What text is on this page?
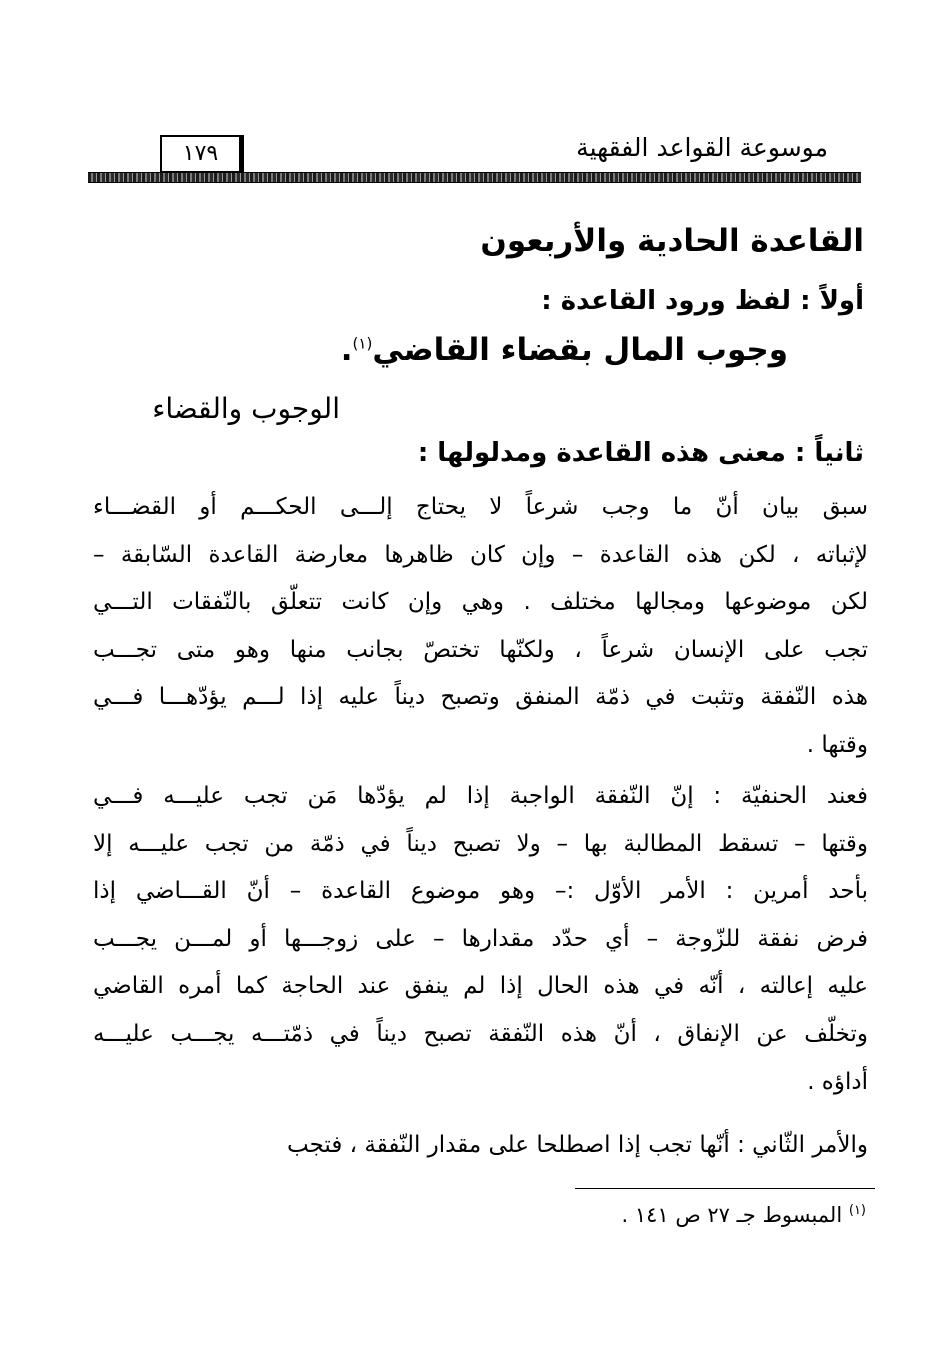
موسوعة القواعد الفقهية
١٧٩
القاعدة الحادية والأربعون
أولاً : لفظ ورود القاعدة :
وجوب المال بقضاء القاضي$^{(١)}$.
الوجوب والقضاء
ثانياً : معنى هذه القاعدة ومدلولها :
سبق بيان أنّ ما وجب شرعاً لا يحتاج إلـــى الحكـــم أو القضـــاء
لإثباته ، لكن هذه القاعدة – وإن كان ظاهرها معارضة القاعدة السّابقة –
لكن موضوعها ومجالها مختلف . وهي وإن كانت تتعلّق بالنّفقات التـــي
تجب على الإنسان شرعاً ، ولكنّها تختصّ بجانب منها وهو متى تجـــب
هذه النّفقة وتثبت في ذمّة المنفق وتصبح ديناً عليه إذا لـــم يؤدّهـــا فـــي
وقتها .
فعند الحنفيّة : إنّ النّفقة الواجبة إذا لم يؤدّها مَن تجب عليـــه فـــي
وقتها – تسقط المطالبة بها – ولا تصبح ديناً في ذمّة من تجب عليـــه إلا
بأحد أمرين : الأمر الأوّل :– وهو موضوع القاعدة – أنّ القـــاضي إذا
فرض نفقة للزّوجة – أي حدّد مقدارها – على زوجـــها أو لمـــن يجـــب
عليه إعالته ، أنّه في هذه الحال إذا لم ينفق عند الحاجة كما أمره القاضي
وتخلّف عن الإنفاق ، أنّ هذه النّفقة تصبح ديناً في ذمّتـــه يجـــب عليـــه
أداؤه .
والأمر الثّاني : أنّها تجب إذا اصطلحا على مقدار النّفقة ، فتجب
$^{(١)}$ المبسوط جـ ٢٧ ص ١٤١ .
